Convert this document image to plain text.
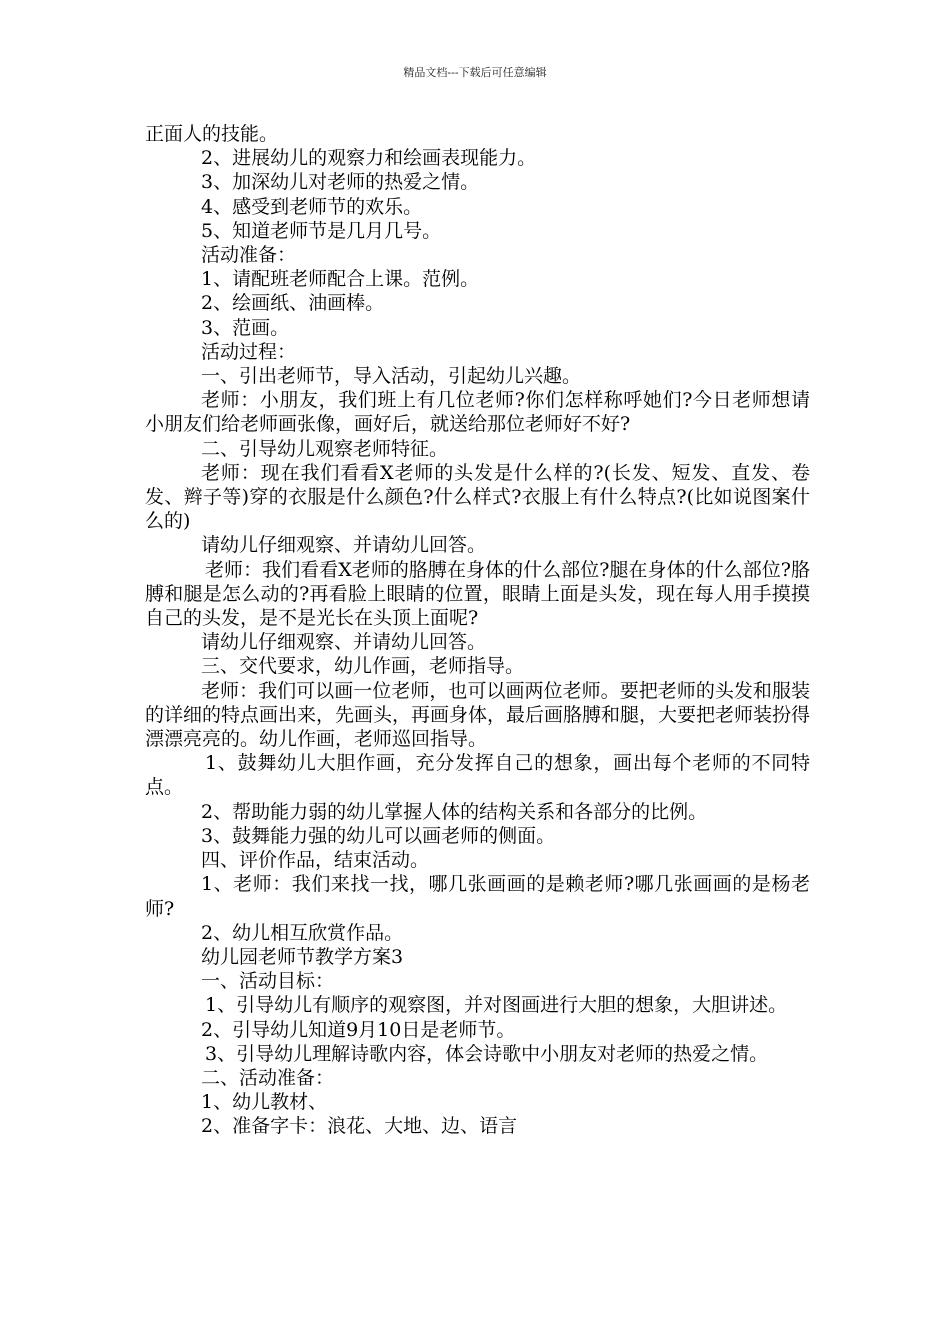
精品文档---下载后可任意编辑

正面人的技能。

2、进展幼儿的观察力和绘画表现能力。

3、加深幼儿对老师的热爱之情。

4、感受到老师节的欢乐。

5、知道老师节是几月几号。

活动准备：

1、请配班老师配合上课。范例。

2、绘画纸、油画棒。

3、范画。

活动过程：

一、引出老师节，导入活动，引起幼儿兴趣。

老师：小朋友，我们班上有几位老师?你们怎样称呼她们?今日老师想请小朋友们给老师画张像，画好后，就送给那位老师好不好?

二、引导幼儿观察老师特征。

老师：现在我们看看X老师的头发是什么样的?(长发、短发、直发、卷发、辫子等)穿的衣服是什么颜色?什么样式?衣服上有什么特点?(比如说图案什么的)

请幼儿仔细观察、并请幼儿回答。

老师：我们看看X老师的胳膊在身体的什么部位?腿在身体的什么部位?胳膊和腿是怎么动的?再看脸上眼睛的位置，眼睛上面是头发，现在每人用手摸摸自己的头发，是不是光长在头顶上面呢?

请幼儿仔细观察、并请幼儿回答。

三、交代要求，幼儿作画，老师指导。

老师：我们可以画一位老师，也可以画两位老师。要把老师的头发和服装的详细的特点画出来，先画头，再画身体，最后画胳膊和腿，大要把老师装扮得漂漂亮亮的。幼儿作画，老师巡回指导。

1、鼓舞幼儿大胆作画，充分发挥自己的想象，画出每个老师的不同特点。

2、帮助能力弱的幼儿掌握人体的结构关系和各部分的比例。

3、鼓舞能力强的幼儿可以画老师的侧面。

四、评价作品，结束活动。

1、老师：我们来找一找，哪几张画画的是赖老师?哪几张画画的是杨老师?

2、幼儿相互欣赏作品。

幼儿园老师节教学方案3

一、活动目标：

1、引导幼儿有顺序的观察图，并对图画进行大胆的想象，大胆讲述。

2、引导幼儿知道9月10日是老师节。

3、引导幼儿理解诗歌内容，体会诗歌中小朋友对老师的热爱之情。

二、活动准备：

1、幼儿教材、

2、准备字卡：浪花、大地、边、语言
